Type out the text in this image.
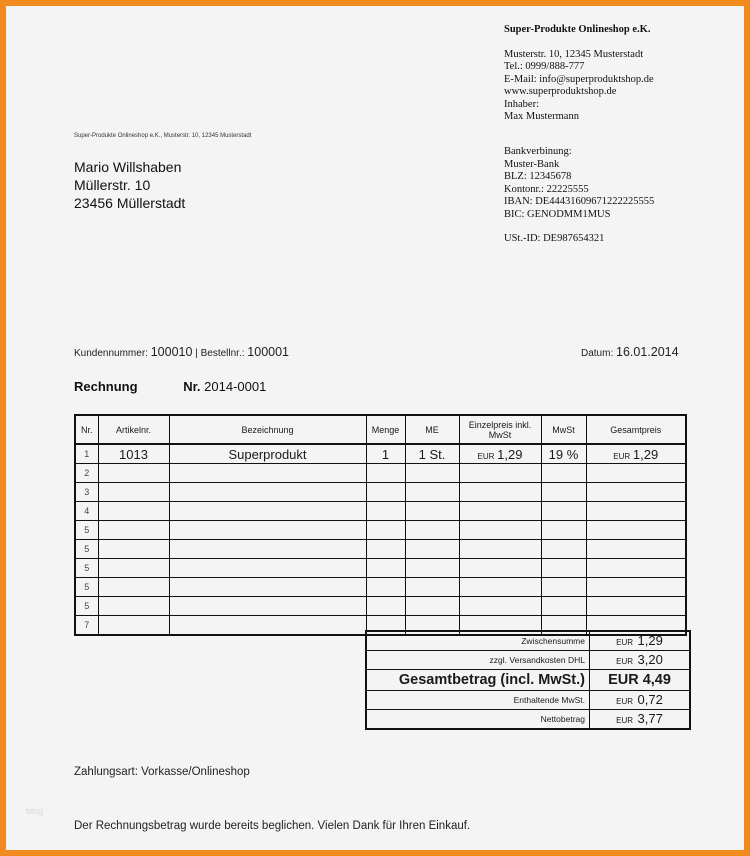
Super-Produkte Onlineshop e.K.
Musterstr. 10, 12345 Musterstadt
Tel.: 0999/888-777
E-Mail: info@superproduktshop.de
www.superproduktshop.de
Inhaber:
Max Mustermann
Bankverbinung:
Muster-Bank
BLZ: 12345678
Kontonr.: 22225555
IBAN: DE44431609671222225555
BIC: GENODMM1MUS
USt.-ID: DE987654321
Super-Produkte Onlineshop e.K., Musterstr. 10, 12345 Musterstadt
Mario Willshaben
Müllerstr. 10
23456 Müllerstadt
Kundennummer: 100010 | Bestellnr.: 100001	Datum: 16.01.2014
Rechnung	Nr. 2014-0001
Nr.	Artikelnr.	Bezeichnung	Menge	ME	Einzelpreis inkl. MwSt	MwSt	Gesamtpreis
1	1013	Superprodukt	1	1 St.	EUR 1,29	19 %	EUR 1,29
2							
3							
4							
5							
5							
5							
5							
5							
7							
Zwischensumme	EUR 1,29
zzgl. Versandkosten DHL	EUR 3,20
Gesamtbetrag (incl. MwSt.)	EUR 4,49
Enthaltende MwSt.	EUR 0,72
Nettobetrag	EUR 3,77
Zahlungsart: Vorkasse/Onlineshop
blog
Der Rechnungsbetrag wurde bereits beglichen. Vielen Dank für Ihren Einkauf.
